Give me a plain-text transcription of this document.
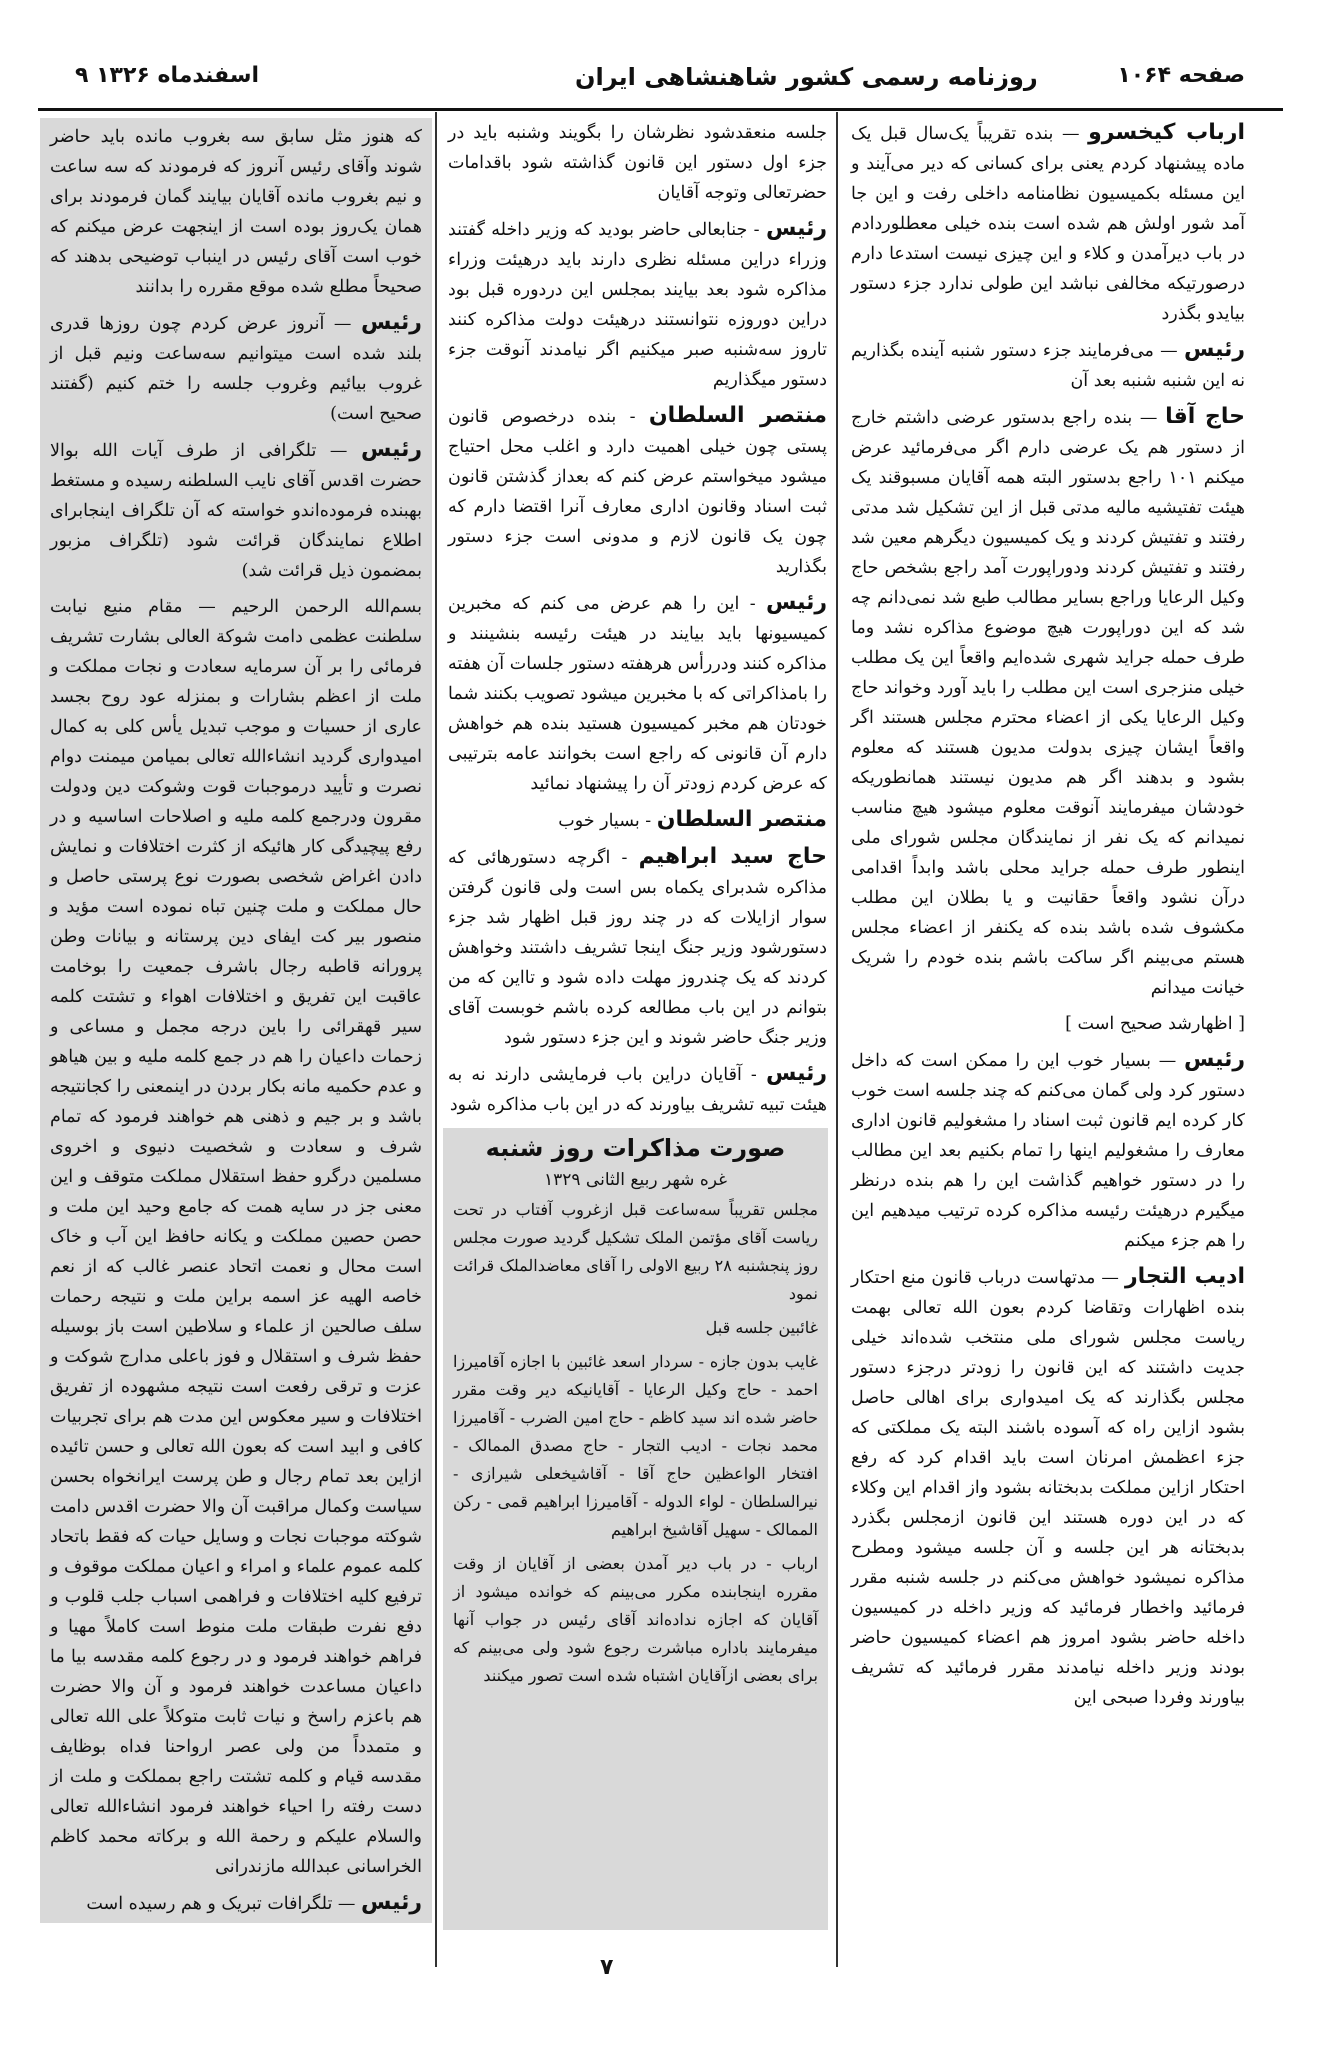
۹ اسفندماه ۱۳۲۶	روزنامه رسمی کشور شاهنشاهی ایران	صفحه ۱۰۶۴

ارباب کیخسرو — بنده تقریباً یک‌سال قبل یک ماده پیشنهاد کردم یعنی برای کسانی که دیر می‌آیند و این مسئله بکمیسیون نظامنامه داخلی رفت و این جا آمد شور اولش هم شده است بنده خیلی معطلوردادم در باب دیرآمدن و کلاء و این چیزی نیست استدعا دارم درصورتیکه مخالفی نباشد این طولی ندارد جزء دستور بیایدو بگذرد

رئیس — می‌فرمایند جزء دستور شنبه آینده بگذاریم نه این شنبه شنبه بعد آن

حاج آقا — بنده راجع بدستور عرضی داشتم خارج از دستور هم یک عرضی دارم اگر می‌فرمائید عرض میکنم ۱۰۱ راجع بدستور البته همه آقایان مسبوقند یک هیئت تفتیشیه مالیه مدتی قبل از این تشکیل شد مدتی رفتند و تفتیش کردند و یک کمیسیون دیگرهم معین شد رفتند و تفتیش کردند ودوراپورت آمد راجع بشخص حاج وکیل الرعایا وراجع بسایر مطالب طبع شد نمی‌دانم چه شد که این دوراپورت هیچ موضوع مذاکره نشد وما طرف حمله جراید شهری شده‌ایم واقعاً این یک مطلب خیلی منزجری است این مطلب را باید آورد وخواند حاج وکیل الرعایا یکی از اعضاء محترم مجلس هستند اگر واقعاً ایشان چیزی بدولت مدیون هستند که معلوم بشود و بدهند اگر هم مدیون نیستند همانطوریکه خودشان میفرمایند آنوقت معلوم میشود هیچ مناسب نمیدانم که یک نفر از نمایندگان مجلس شورای ملی اینطور طرف حمله جراید محلی باشد وابداً اقدامی درآن نشود واقعاً حقانیت و یا بطلان این مطلب مکشوف شده باشد بنده که یکنفر از اعضاء مجلس هستم می‌بینم اگر ساکت باشم بنده خودم را شریک خیانت میدانم

[ اظهارشد صحیح است ]

رئیس — بسیار خوب این را ممکن است که داخل دستور کرد ولی گمان می‌کنم که چند جلسه است خوب کار کرده ایم قانون ثبت اسناد را مشغولیم قانون اداری معارف را مشغولیم اینها را تمام بکنیم بعد این مطالب را در دستور خواهیم گذاشت این را هم بنده درنظر میگیرم درهیئت رئیسه مذاکره کرده ترتیب میدهیم این را هم جزء میکنم

ادیب التجار — مدتهاست درباب قانون منع احتکار بنده اظهارات وتقاضا کردم بعون الله تعالی بهمت ریاست مجلس شورای ملی منتخب شده‌اند خیلی جدیت داشتند که این قانون را زودتر درجزء دستور مجلس بگذارند که یک امیدواری برای اهالی حاصل بشود ازاین راه که آسوده باشند البته یک مملکتی که جزء اعظمش امرنان است باید اقدام کرد که رفع احتکار ازاین مملکت بدبختانه بشود واز اقدام این وکلاء که در این دوره هستند این قانون ازمجلس بگذرد بدبختانه هر این جلسه و آن جلسه میشود ومطرح مذاکره نمیشود خواهش می‌کنم در جلسه شنبه مقرر فرمائید واخطار فرمائید که وزیر داخله در کمیسیون داخله حاضر بشود امروز هم اعضاء کمیسیون حاضر بودند وزیر داخله نیامدند مقرر فرمائید که تشریف بیاورند وفردا صبحی این

جلسه منعقدشود نظرشان را بگویند وشنبه باید در جزء اول دستور این قانون گذاشته شود باقدامات حضرتعالی وتوجه آقایان

رئیس - جنابعالی حاضر بودید که وزیر داخله گفتند وزراء دراین مسئله نظری دارند باید درهیئت وزراء مذاکره شود بعد بیایند بمجلس این دردوره قبل بود دراین دوروزه نتوانستند درهیئت دولت مذاکره کنند تاروز سه‌شنبه صبر میکنیم اگر نیامدند آنوقت جزء دستور میگذاریم

منتصر السلطان - بنده درخصوص قانون پستی چون خیلی اهمیت دارد و اغلب محل احتیاج میشود میخواستم عرض کنم که بعداز گذشتن قانون ثبت اسناد وقانون اداری معارف آنرا اقتضا دارم که چون یک قانون لازم و مدونی است جزء دستور بگذارید

رئیس - این را هم عرض می کنم که مخبرین کمیسیونها باید بیایند در هیئت رئیسه بنشینند و مذاکره کنند ودررأس هرهفته دستور جلسات آن هفته را بامذاکراتی که با مخبرین میشود تصویب بکنند شما خودتان هم مخبر کمیسیون هستید بنده هم خواهش دارم آن قانونی که راجع است بخوانند عامه بترتیبی که عرض کردم زودتر آن را پیشنهاد نمائید

منتصر السلطان - بسیار خوب

حاج سید ابراهیم - اگرچه دستورهائی که مذاکره شدبرای یکماه بس است ولی قانون گرفتن سوار ازایلات که در چند روز قبل اظهار شد جزء دستورشود وزیر جنگ اینجا تشریف داشتند وخواهش کردند که یک چندروز مهلت داده شود و تااین که من بتوانم در این باب مطالعه کرده باشم خوبست آقای وزیر جنگ حاضر شوند و این جزء دستور شود

رئیس - آقایان دراین باب فرمایشی دارند نه به هیئت تبیه تشریف بیاورند که در این باب مذاکره شود

صورت مذاکرات روز شنبه
غره شهر ربیع الثانی ۱۳۲۹

مجلس تقریباً سه‌ساعت قبل ازغروب آفتاب در تحت ریاست آقای مؤتمن الملک تشکیل گردید صورت مجلس روز پنجشنبه ۲۸ ربیع الاولی را آقای معاضدالملک قرائت نمود

غائبین جلسه قبل

غایب بدون جازه - سردار اسعد غائبین با اجازه آقامیرزا احمد - حاج وکیل الرعایا - آقایانیکه دیر وقت مقرر حاضر شده اند سید کاظم - حاج امین الضرب - آقامیرزا محمد نجات - ادیب التجار - حاج مصدق الممالک - افتخار الواعظین حاج آقا - آقاشیخعلی شیرازی - نیرالسلطان - لواء الدوله - آقامیرزا ابراهیم قمی - رکن الممالک - سهیل آقاشیخ ابراهیم

ارباب - در باب دیر آمدن بعضی از آقایان از وقت مقرره اینجابنده مکرر می‌بینم که خوانده میشود از آقایان که اجازه نداده‌اند آقای رئیس در جواب آنها میفرمایند باداره مباشرت رجوع شود ولی می‌بینم که برای بعضی ازآقایان اشتباه شده است تصور میکنند

که هنوز مثل سابق سه بغروب مانده باید حاضر شوند وآقای رئیس آنروز که فرمودند که سه ساعت و نیم بغروب مانده آقایان بیایند گمان فرمودند برای همان یک‌روز بوده است از اینجهت عرض میکنم که خوب است آقای رئیس در اینباب توضیحی بدهند که صحیحاً مطلع شده موقع مقرره را بدانند

رئیس — آنروز عرض کردم چون روزها قدری بلند شده است میتوانیم سه‌ساعت ونیم قبل از غروب بیائیم وغروب جلسه را ختم کنیم (گفتند صحیح است)

رئیس — تلگرافی از طرف آیات الله بوالا حضرت اقدس آقای نایب السلطنه رسیده و مستغط بهبنده فرموده‌اندو خواسته که آن تلگراف اینجابرای اطلاع نمایندگان قرائت شود (تلگراف مزبور بمضمون ذیل قرائت شد)

بسم‌الله الرحمن الرحیم — مقام منیع نیابت سلطنت عظمی دامت شوکة العالی بشارت تشریف فرمائی را بر آن سرمایه سعادت و نجات مملکت و ملت از اعظم بشارات و بمنزله عود روح بجسد عاری از حسیات و موجب تبدیل یأس کلی به کمال امیدواری گردید انشاءالله تعالی بمیامن میمنت دوام نصرت و تأیید درموجبات قوت وشوکت دین ودولت مقرون ودرجمع کلمه ملیه و اصلاحات اساسیه و در رفع پیچیدگی کار هائیکه از کثرت اختلافات و نمایش دادن اغراض شخصی بصورت نوع پرستی حاصل و حال مملکت و ملت چنین تباه نموده است مؤید و منصور بیر کت ایفای دین پرستانه و بیانات وطن پرورانه قاطبه رجال باشرف جمعیت را بوخامت عاقبت این تفریق و اختلافات اهواء و تشتت کلمه سیر قهقرائی را باین درجه مجمل و مساعی و زحمات داعیان را هم در جمع کلمه ملیه و بین هیاهو و عدم حکمیه مانه بکار بردن در اینمعنی را کجانتیجه باشد و بر جیم و ذهنی هم خواهند فرمود که تمام شرف و سعادت و شخصیت دنیوی و اخروی مسلمین درگرو حفظ استقلال مملکت متوقف و این معنی جز در سایه همت که جامع وحید این ملت و حصن حصین مملکت و یکانه حافظ این آب و خاک است محال و نعمت اتحاد عنصر غالب که از نعم خاصه الهیه عز اسمه براین ملت و نتیجه رحمات سلف صالحین از علماء و سلاطین است باز بوسیله حفظ شرف و استقلال و فوز باعلی مدارج شوکت و عزت و ترقی رفعت است نتیجه مشهوده از تفریق اختلافات و سیر معکوس این مدت هم برای تجربیات کافی و ابید است که بعون الله تعالی و حسن تائیده ازاین بعد تمام رجال و طن پرست ایرانخواه بحسن سیاست وکمال مراقبت آن والا حضرت اقدس دامت شوکته موجبات نجات و وسایل حیات که فقط باتحاد کلمه عموم علماء و امراء و اعیان مملکت موقوف و ترفیع کلیه اختلافات و فراهمی اسباب جلب قلوب و دفع نفرت طبقات ملت منوط است کاملاً مهیا و فراهم خواهند فرمود و در رجوع کلمه مقدسه بیا ما داعیان مساعدت خواهند فرمود و آن والا حضرت هم باعزم راسخ و نیات ثابت متوکلاً علی الله تعالی و متمدداً من ولی عصر ارواحنا فداه بوظایف مقدسه قیام و کلمه تشتت راجع بمملکت و ملت از دست رفته را احیاء خواهند فرمود انشاءالله تعالی والسلام علیکم و رحمة الله و برکاته محمد کاظم الخراسانی عبدالله مازندرانی

رئیس — تلگرافات تبریک و هم رسیده است

۷
